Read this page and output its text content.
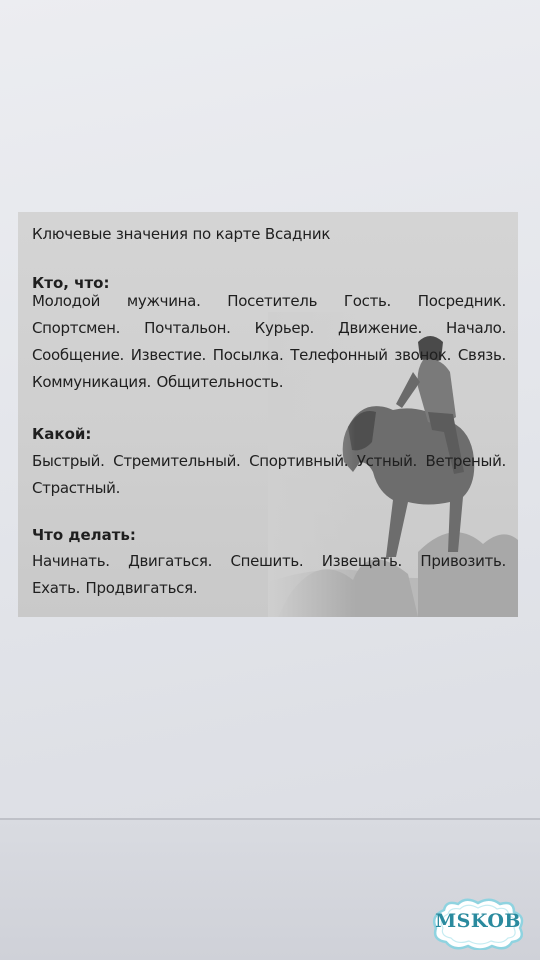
Ключевые значения по карте Всадник
Кто, что:
Молодой мужчина. Посетитель Гость. Посредник. Спортсмен. Почтальон. Курьер. Движение. Начало. Сообщение. Известие. Посылка. Телефонный звонок. Связь. Коммуникация. Общительность.
Какой:
Быстрый. Стремительный. Спортивный. Устный. Ветреный. Страстный.
Что делать:
Начинать. Двигаться. Спешить. Извещать. Привозить. Ехать. Продвигаться.
MSKOB
